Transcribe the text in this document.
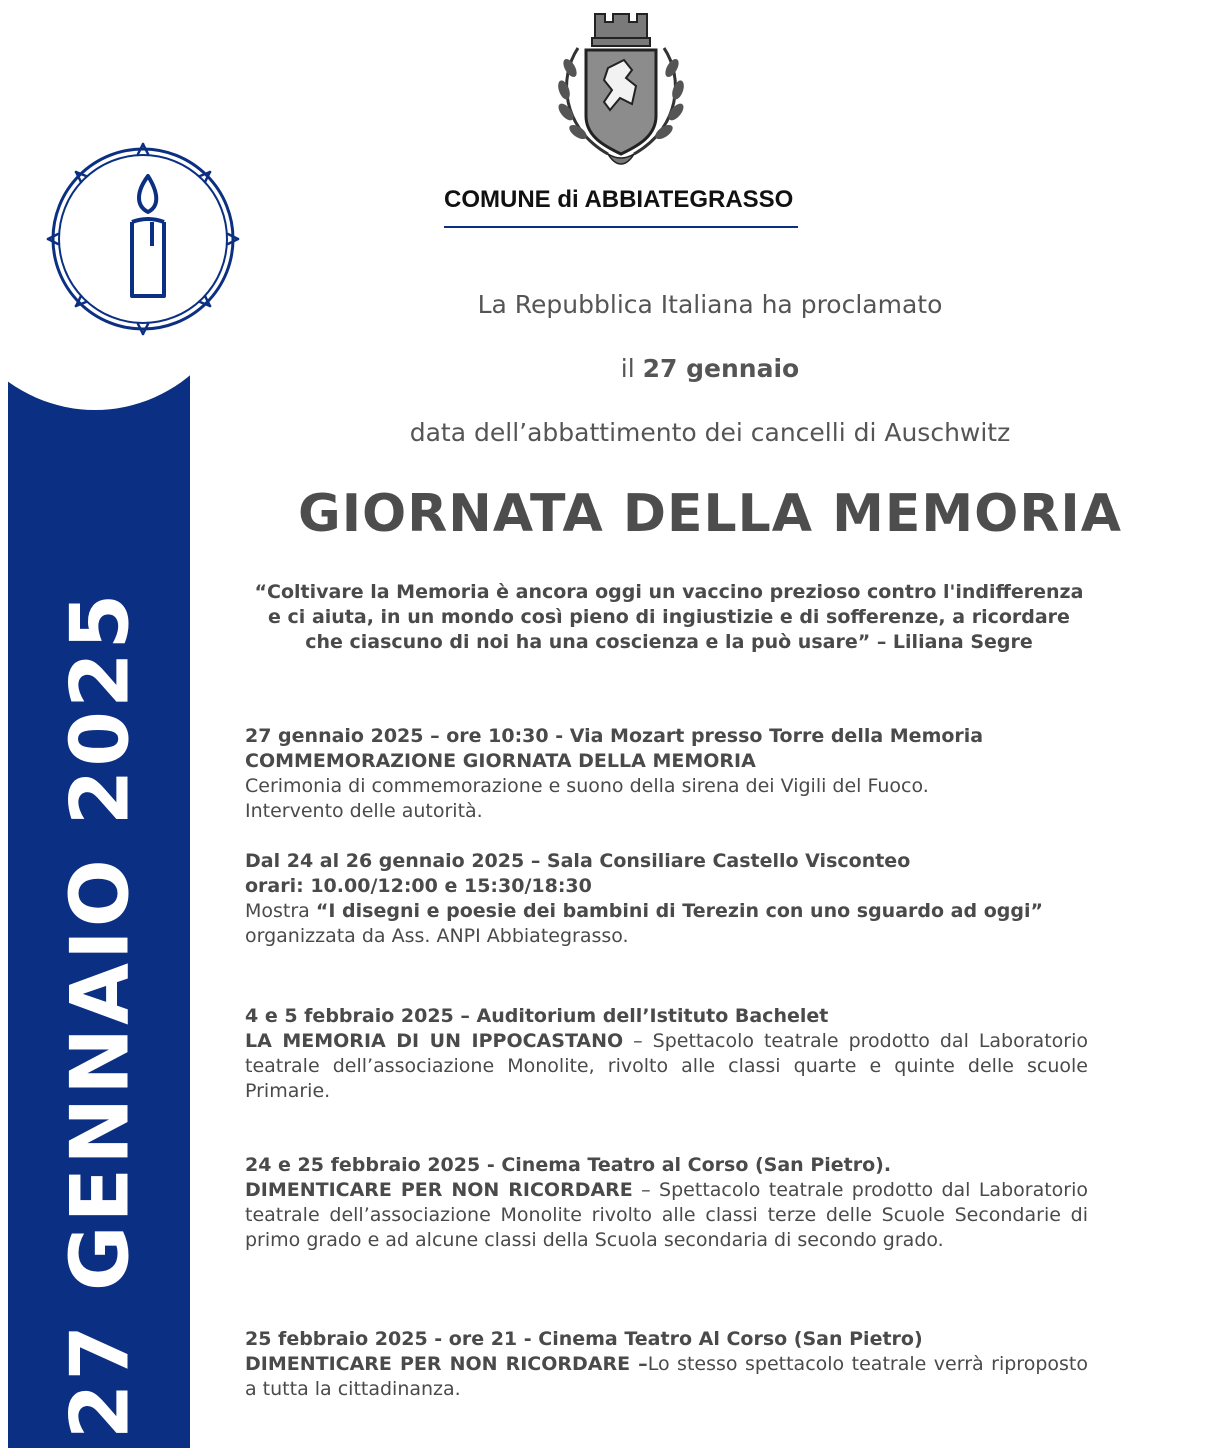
27 GENNAIO 2025
COMUNE di ABBIATEGRASSO
La Repubblica Italiana ha proclamato
il 27 gennaio
data dell’abbattimento dei cancelli di Auschwitz
GIORNATA DELLA MEMORIA
“Coltivare la Memoria è ancora oggi un vaccino prezioso contro l'indifferenza
e ci aiuta, in un mondo così pieno di ingiustizie e di sofferenze, a ricordare
che ciascuno di noi ha una coscienza e la può usare” – Liliana Segre
27 gennaio 2025 – ore 10:30 - Via Mozart presso Torre della Memoria
COMMEMORAZIONE GIORNATA DELLA MEMORIA

Cerimonia di commemorazione e suono della sirena dei Vigili del Fuoco.

Intervento delle autorità.

Dal 24 al 26 gennaio 2025 – Sala Consiliare Castello Visconteo
orari: 10.00/12:00 e 15:30/18:30

Mostra “I disegni e poesie dei bambini di Terezin con uno sguardo ad oggi”

organizzata da Ass. ANPI Abbiategrasso.

4 e 5 febbraio 2025 – Auditorium dell’Istituto Bachelet

LA MEMORIA DI UN IPPOCASTANO – Spettacolo teatrale prodotto dal Laboratorio teatrale dell’associazione Monolite, rivolto alle classi quarte e quinte delle scuole Primarie.

24 e 25 febbraio 2025 - Cinema Teatro al Corso (San Pietro).

DIMENTICARE PER NON RICORDARE – Spettacolo teatrale prodotto dal Laboratorio teatrale dell’associazione Monolite rivolto alle classi terze delle Scuole Secondarie di primo grado e ad alcune classi della Scuola secondaria di secondo grado.

25 febbraio 2025 - ore 21 - Cinema Teatro Al Corso (San Pietro)

DIMENTICARE PER NON RICORDARE –Lo stesso spettacolo teatrale verrà riproposto a tutta la cittadinanza.
